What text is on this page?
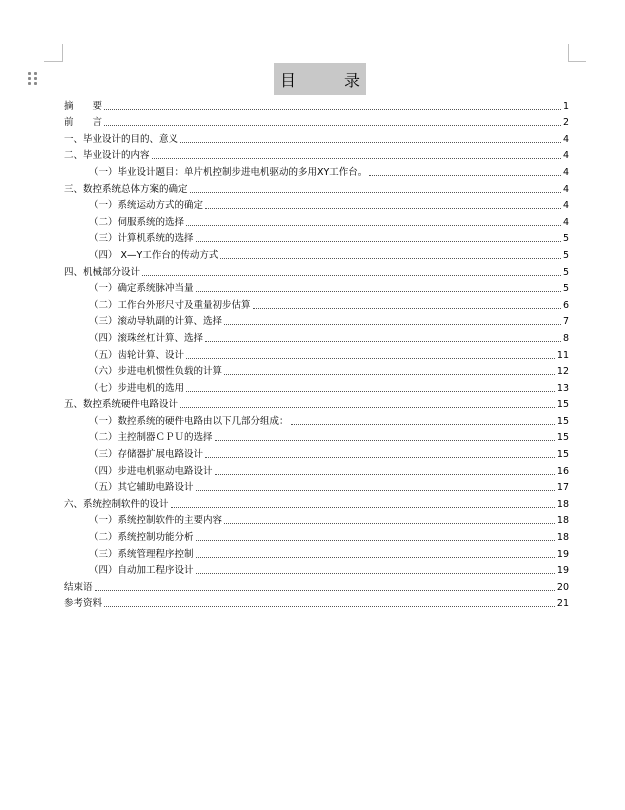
目	录
摘　　要	1
前　　言	2
一、毕业设计的目的、意义	4
二、毕业设计的内容	4
（一）毕业设计题目：单片机控制步进电机驱动的多用XY工作台。	4
三、数控系统总体方案的确定	4
（一）系统运动方式的确定	4
（二）伺服系统的选择	4
（三）计算机系统的选择	5
（四） X—Y工作台的传动方式	5
四、机械部分设计	5
（一）确定系统脉冲当量	5
（二）工作台外形尺寸及重量初步估算	6
（三）滚动导轨副的计算、选择	7
（四）滚珠丝杠计算、选择	8
（五）齿轮计算、设计	11
（六）步进电机惯性负载的计算	12
（七）步进电机的选用	13
五、数控系统硬件电路设计	15
（一）数控系统的硬件电路由以下几部分组成：	15
（二）主控制器ＣＰＵ的选择	15
（三）存储器扩展电路设计	15
（四）步进电机驱动电路设计	16
（五）其它辅助电路设计	17
六、系统控制软件的设计	18
（一）系统控制软件的主要内容	18
（二）系统控制功能分析	18
（三）系统管理程序控制	19
（四）自动加工程序设计	19
结束语	20
参考资料	21
